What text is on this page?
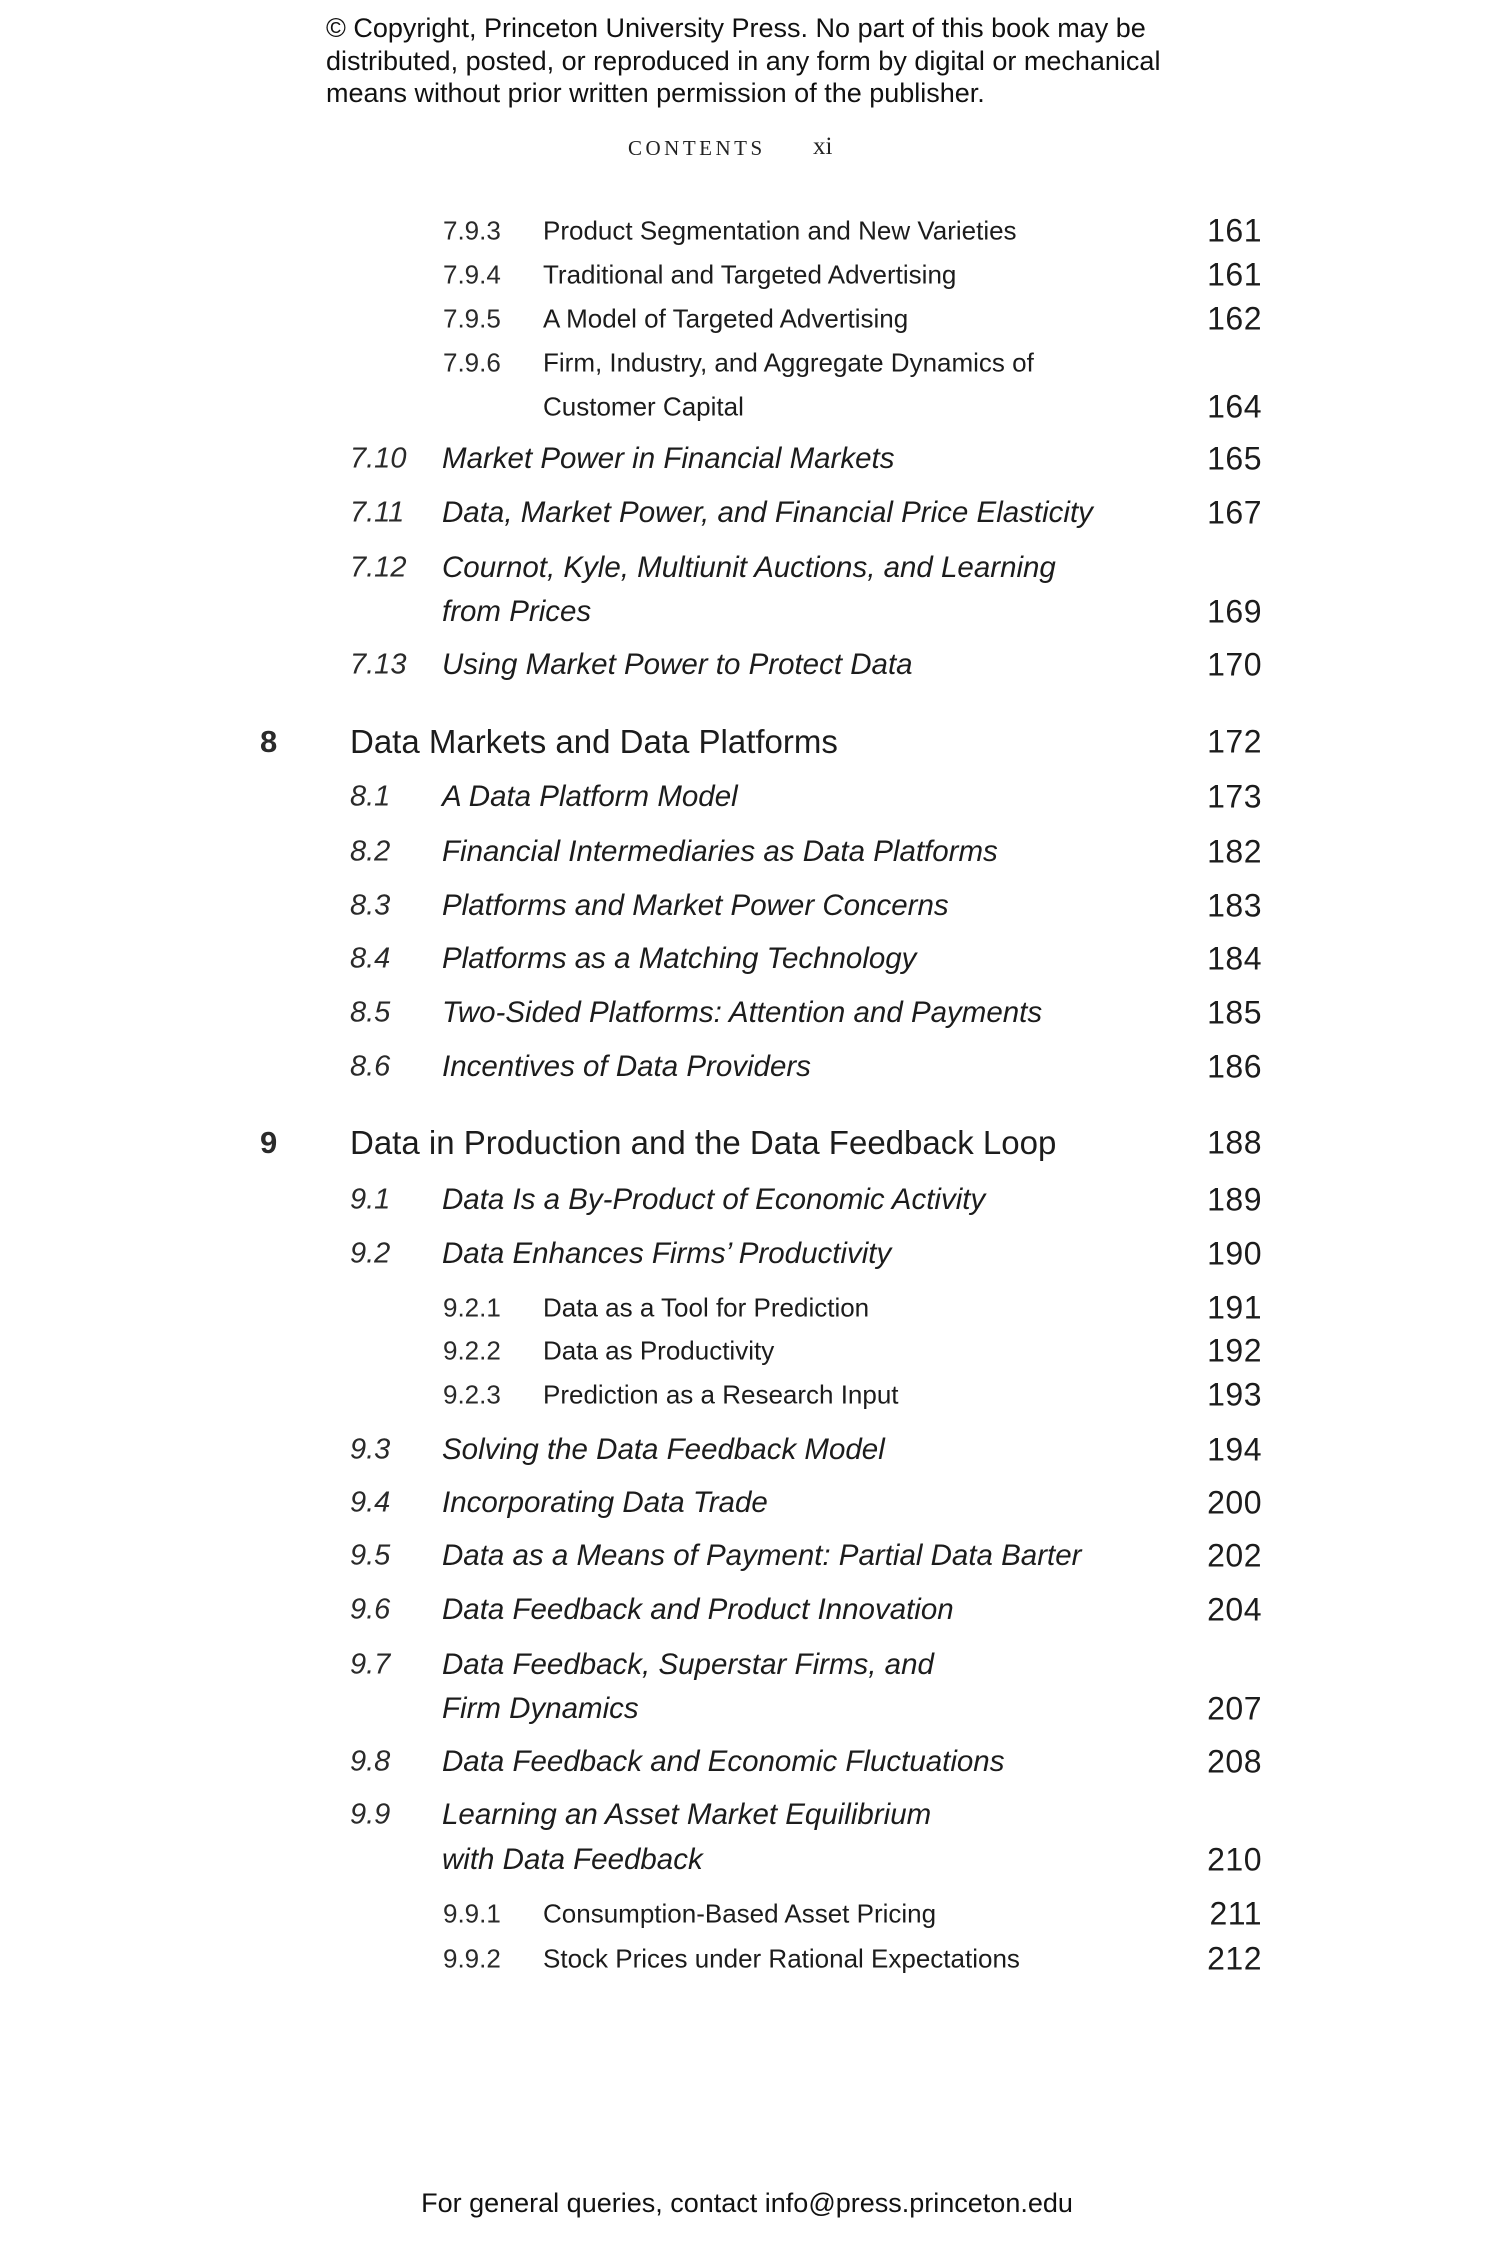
© Copyright, Princeton University Press. No part of this book may be
distributed, posted, or reproduced in any form by digital or mechanical
means without prior written permission of the publisher.
CONTENTS xi
7.9.3 Product Segmentation and New Varieties	161
7.9.4 Traditional and Targeted Advertising	161
7.9.5 A Model of Targeted Advertising	162
7.9.6 Firm, Industry, and Aggregate Dynamics of
Customer Capital	164
7.10 Market Power in Financial Markets	165
7.11 Data, Market Power, and Financial Price Elasticity	167
7.12 Cournot, Kyle, Multiunit Auctions, and Learning
from Prices	169
7.13 Using Market Power to Protect Data	170
8 Data Markets and Data Platforms	172
8.1 A Data Platform Model	173
8.2 Financial Intermediaries as Data Platforms	182
8.3 Platforms and Market Power Concerns	183
8.4 Platforms as a Matching Technology	184
8.5 Two-Sided Platforms: Attention and Payments	185
8.6 Incentives of Data Providers	186
9 Data in Production and the Data Feedback Loop	188
9.1 Data Is a By-Product of Economic Activity	189
9.2 Data Enhances Firms’ Productivity	190
9.2.1 Data as a Tool for Prediction	191
9.2.2 Data as Productivity	192
9.2.3 Prediction as a Research Input	193
9.3 Solving the Data Feedback Model	194
9.4 Incorporating Data Trade	200
9.5 Data as a Means of Payment: Partial Data Barter	202
9.6 Data Feedback and Product Innovation	204
9.7 Data Feedback, Superstar Firms, and
Firm Dynamics	207
9.8 Data Feedback and Economic Fluctuations	208
9.9 Learning an Asset Market Equilibrium
with Data Feedback	210
9.9.1 Consumption-Based Asset Pricing	211
9.9.2 Stock Prices under Rational Expectations	212
For general queries, contact info@press.princeton.edu
